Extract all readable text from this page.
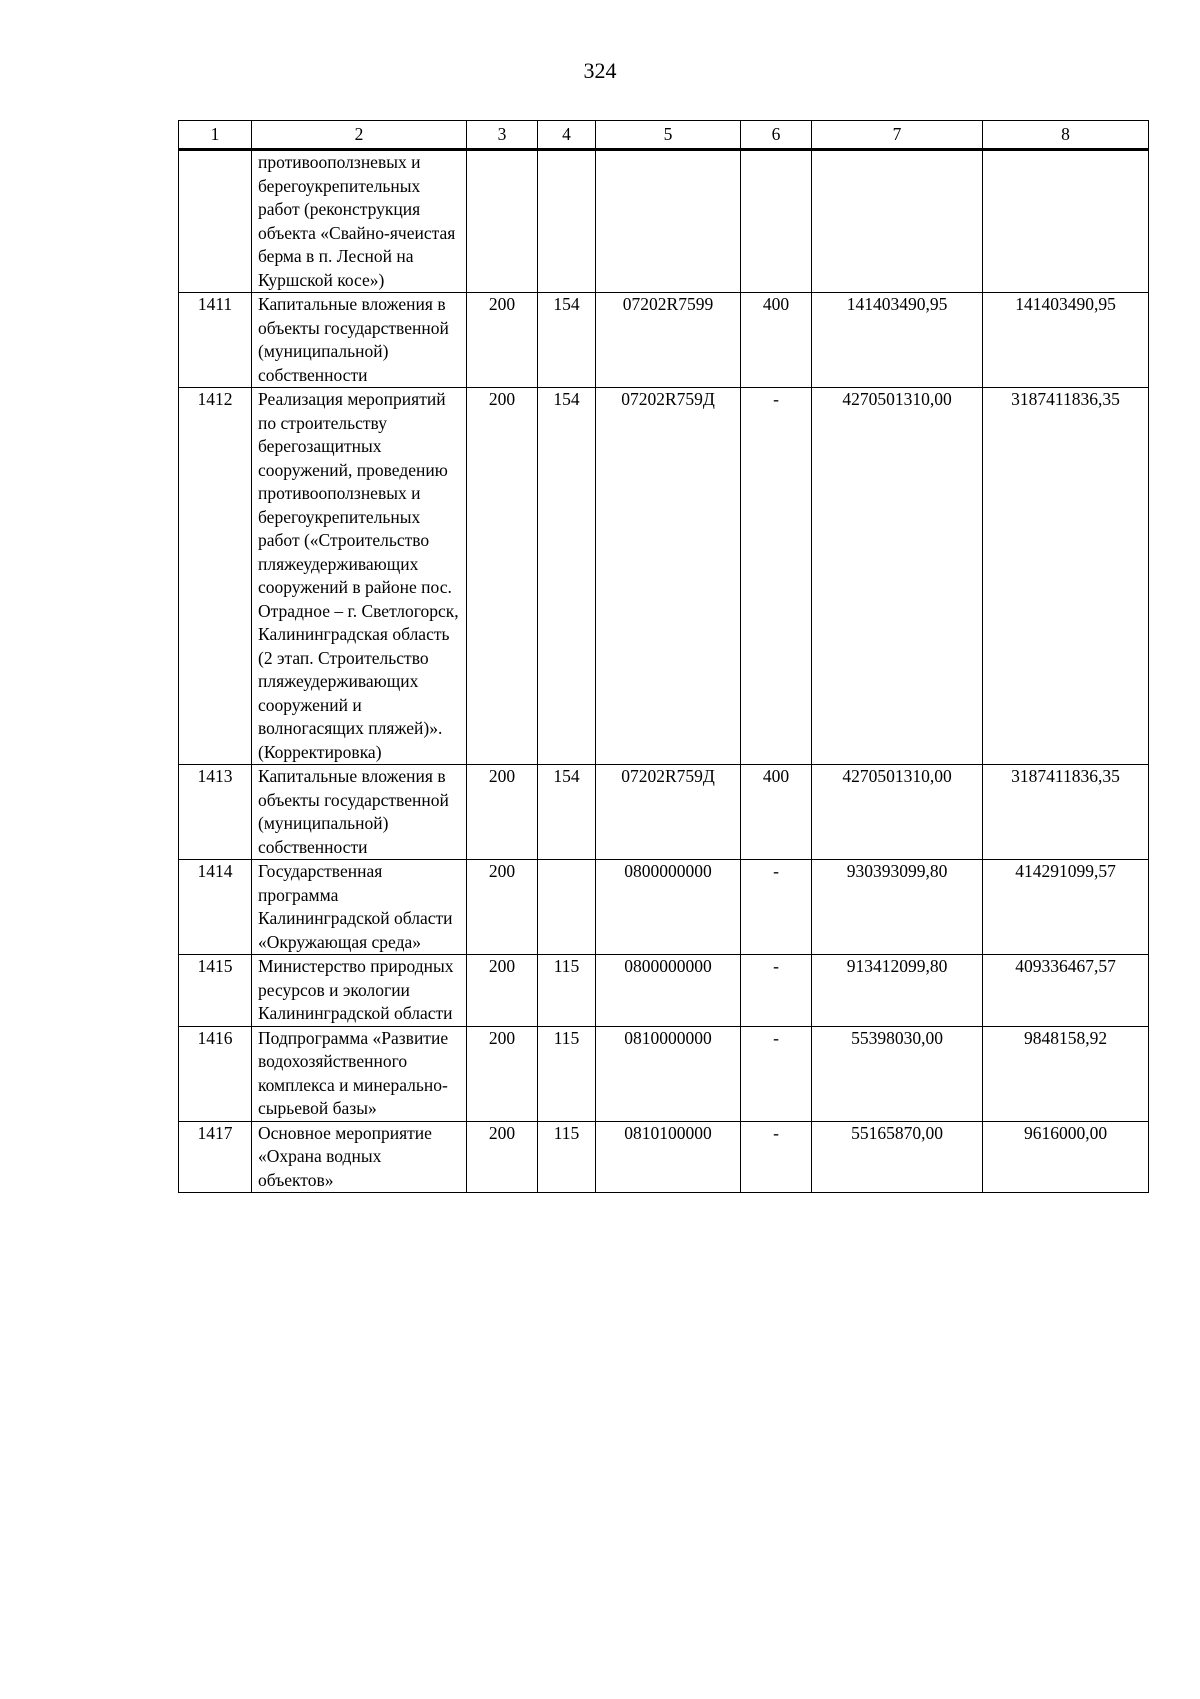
324
1	2	3	4	5	6	7	8
	противооползневых и берегоукрепительных работ (реконструкция объекта «Свайно-ячеистая берма в п. Лесной на Куршской косе»)						
1411	Капитальные вложения в объекты государственной (муниципальной) собственности	200	154	07202R7599	400	141403490,95	141403490,95
1412	Реализация мероприятий по строительству берегозащитных сооружений, проведению противооползневых и берегоукрепительных работ («Строительство пляжеудерживающих сооружений в районе пос. Отрадное – г. Светлогорск, Калининградская область (2 этап. Строительство пляжеудерживающих сооружений и волногасящих пляжей)». (Корректировка)	200	154	07202R759Д	-	4270501310,00	3187411836,35
1413	Капитальные вложения в объекты государственной (муниципальной) собственности	200	154	07202R759Д	400	4270501310,00	3187411836,35
1414	Государственная программа Калининградской области «Окружающая среда»	200		0800000000	-	930393099,80	414291099,57
1415	Министерство природных ресурсов и экологии Калининградской области	200	115	0800000000	-	913412099,80	409336467,57
1416	Подпрограмма «Развитие водохозяйственного комплекса и минерально-сырьевой базы»	200	115	0810000000	-	55398030,00	9848158,92
1417	Основное мероприятие «Охрана водных объектов»	200	115	0810100000	-	55165870,00	9616000,00
